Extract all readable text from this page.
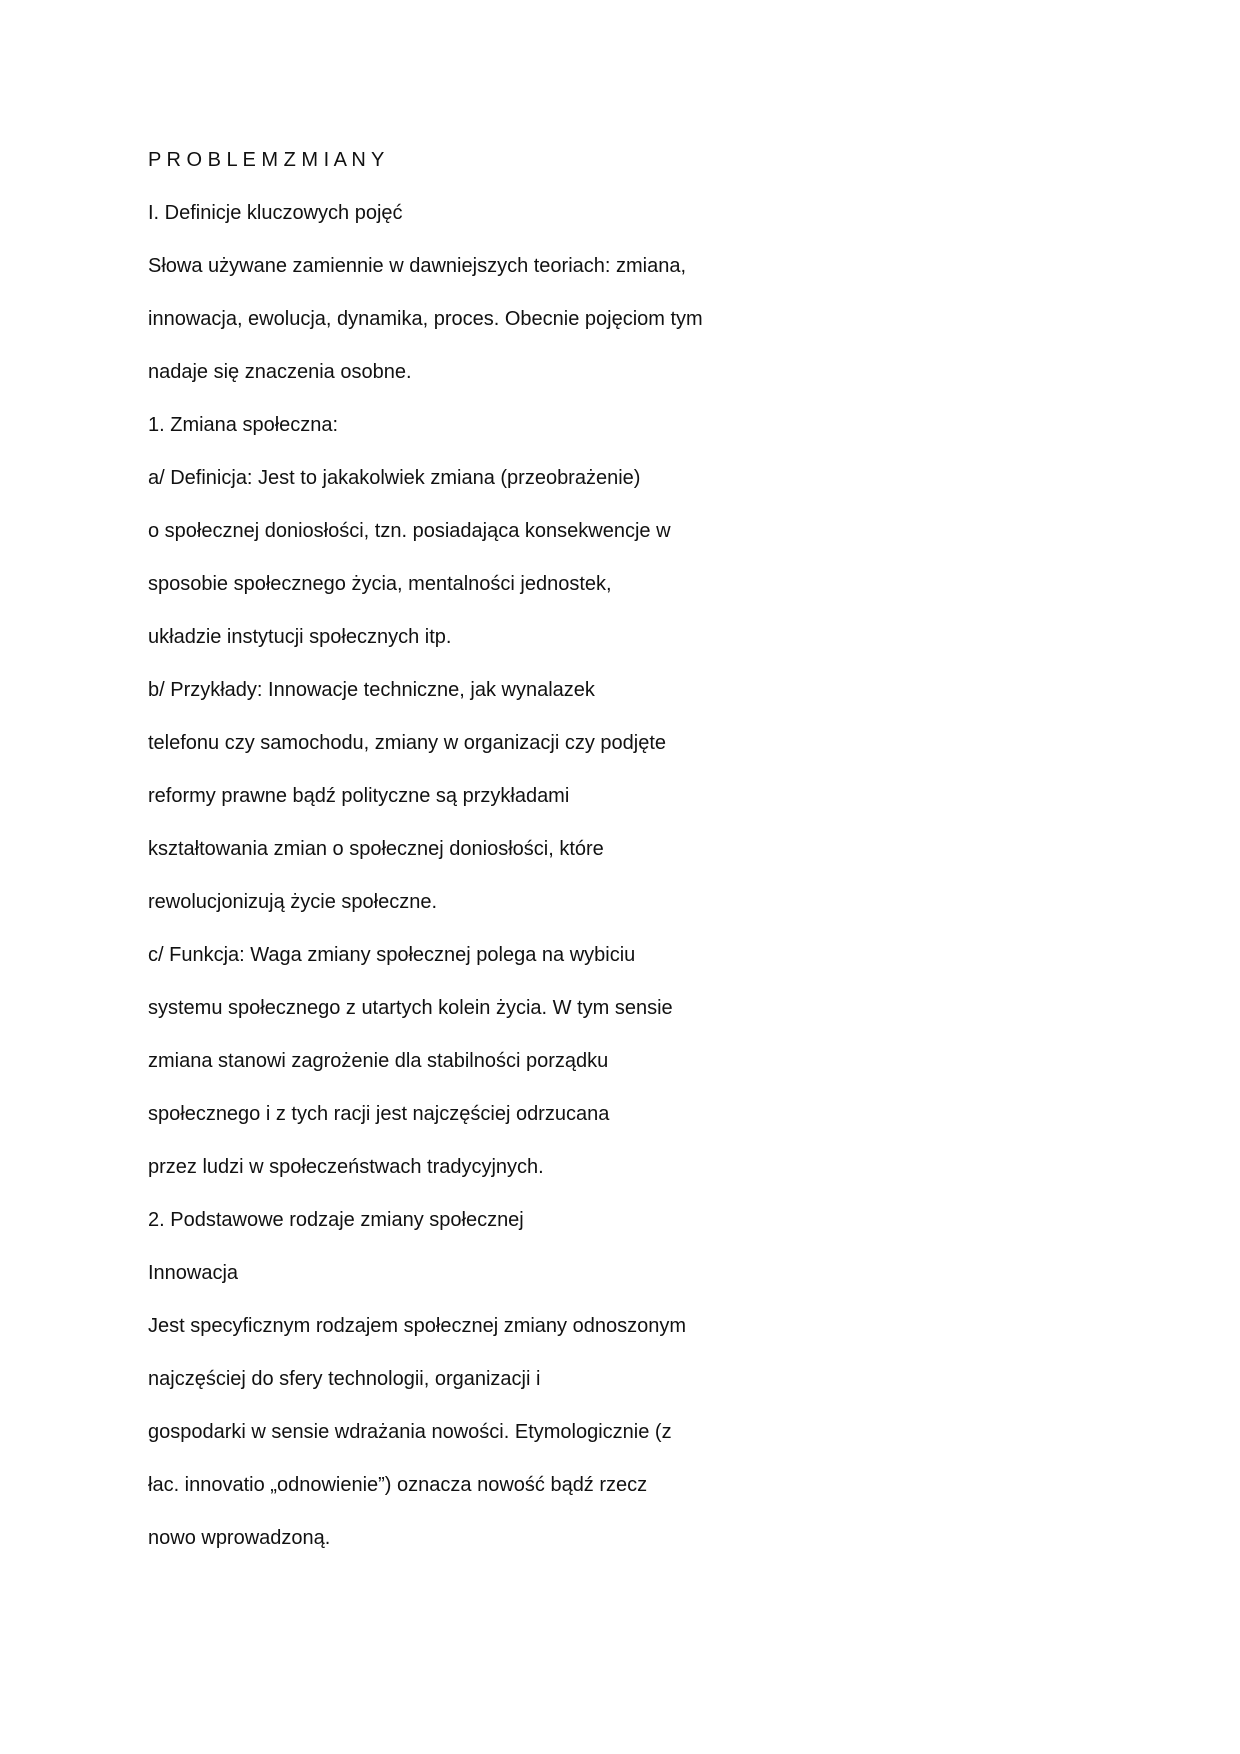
P R O B L E M Z M I A N Y

I. Definicje kluczowych pojęć

Słowa używane zamiennie w dawniejszych teoriach: zmiana,

innowacja, ewolucja, dynamika, proces. Obecnie pojęciom tym

nadaje się znaczenia osobne.

1. Zmiana społeczna:

a/ Definicja: Jest to jakakolwiek zmiana (przeobrażenie)

o społecznej doniosłości, tzn. posiadająca konsekwencje w

sposobie społecznego życia, mentalności jednostek,

układzie instytucji społecznych itp.

b/ Przykłady: Innowacje techniczne, jak wynalazek

telefonu czy samochodu, zmiany w organizacji czy podjęte

reformy prawne bądź polityczne są przykładami

kształtowania zmian o społecznej doniosłości, które

rewolucjonizują życie społeczne.

c/ Funkcja: Waga zmiany społecznej polega na wybiciu

systemu społecznego z utartych kolein życia. W tym sensie

zmiana stanowi zagrożenie dla stabilności porządku

społecznego i z tych racji jest najczęściej odrzucana

przez ludzi w społeczeństwach tradycyjnych.

2. Podstawowe rodzaje zmiany społecznej

Innowacja

Jest specyficznym rodzajem społecznej zmiany odnoszonym

najczęściej do sfery technologii, organizacji i

gospodarki w sensie wdrażania nowości. Etymologicznie (z

łac. innovatio „odnowienie”) oznacza nowość bądź rzecz

nowo wprowadzoną.
